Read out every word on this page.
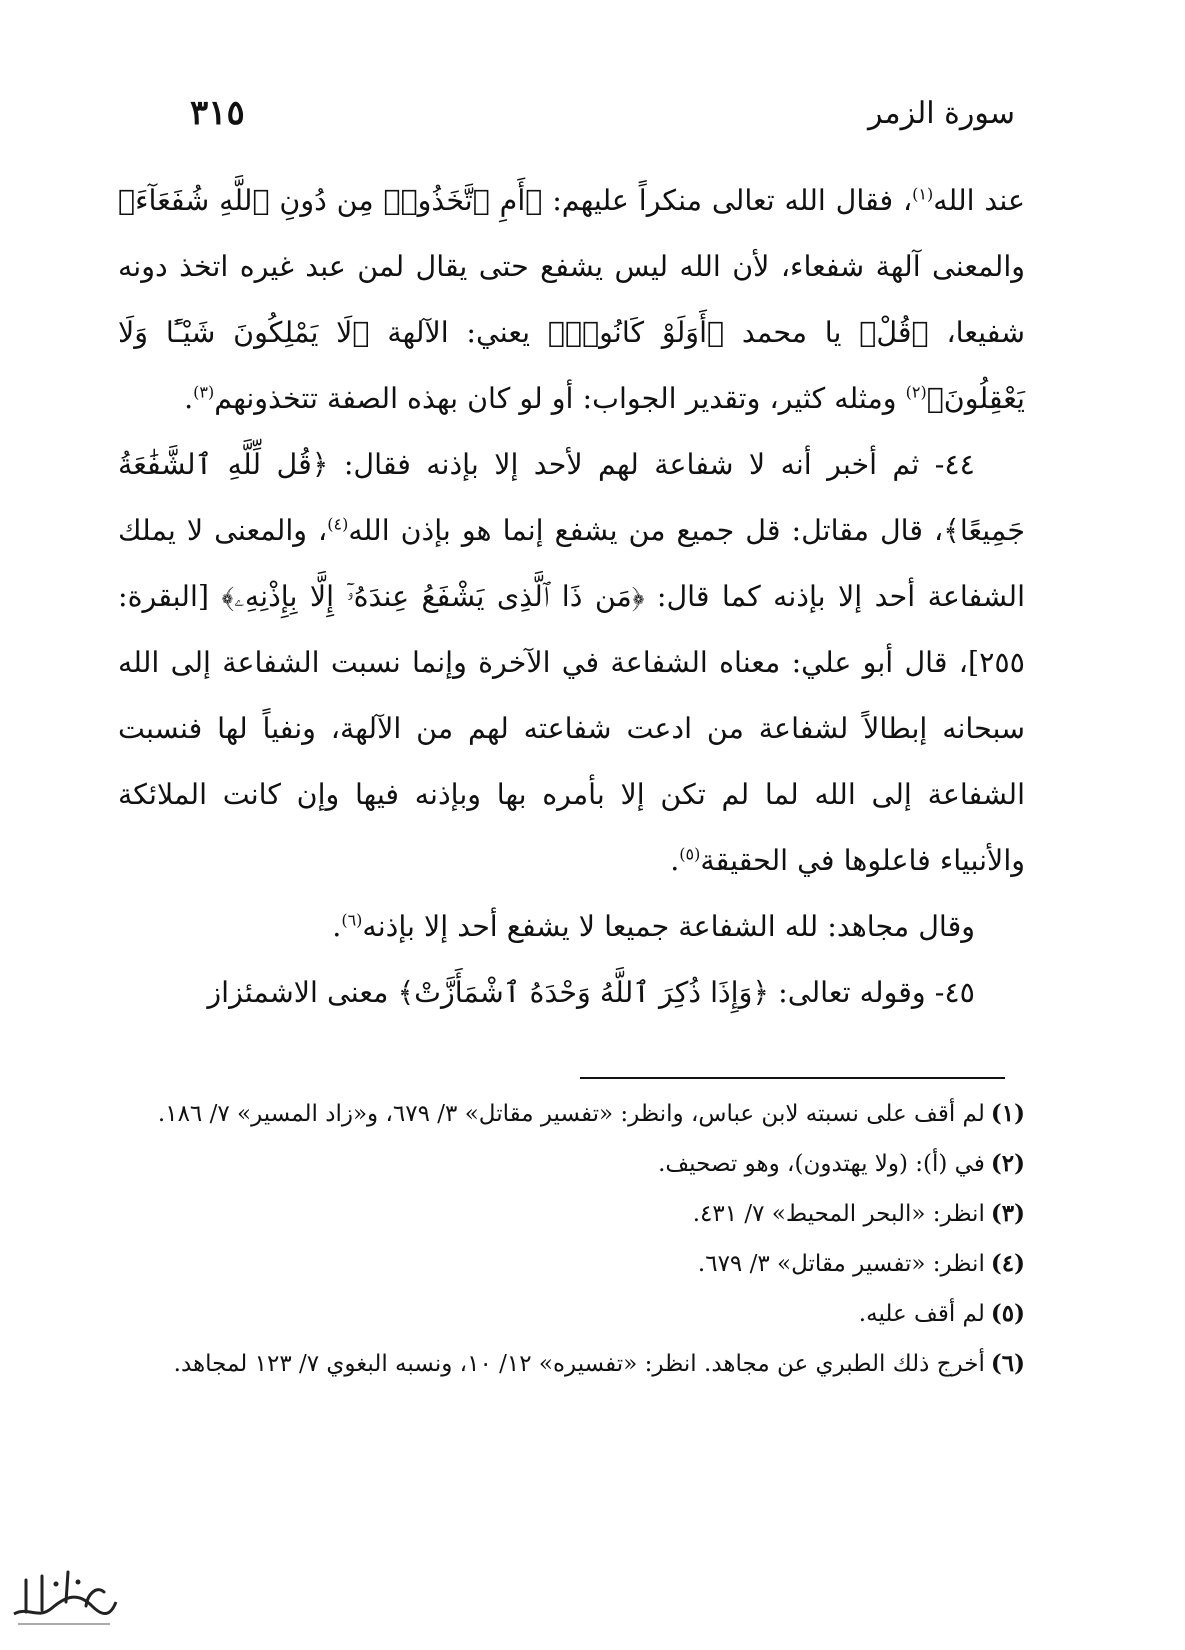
سورة الزمر
٣١٥

عند الله$^{(١)}$، فقال الله تعالى منكراً عليهم: ﴿أَمِ ٱتَّخَذُوا۟ مِن دُونِ ٱللَّهِ شُفَعَآءَ﴾ والمعنى آلهة شفعاء، لأن الله ليس يشفع حتى يقال لمن عبد غيره اتخذ دونه شفيعا، ﴿قُلْ﴾ يا محمد ﴿أَوَلَوْ كَانُوا۟﴾ يعني: الآلهة ﴿لَا يَمْلِكُونَ شَيْـًٔا وَلَا يَعْقِلُونَ﴾$^{(٢)}$ ومثله كثير، وتقدير الجواب: أو لو كان بهذه الصفة تتخذونهم$^{(٣)}$.

٤٤- ثم أخبر أنه لا شفاعة لهم لأحد إلا بإذنه فقال: ﴿قُل لِّلَّهِ ٱلشَّفَٰعَةُ جَمِيعًا﴾، قال مقاتل: قل جميع من يشفع إنما هو بإذن الله$^{(٤)}$، والمعنى لا يملك الشفاعة أحد إلا بإذنه كما قال: ﴿مَن ذَا ٱلَّذِى يَشْفَعُ عِندَهُۥٓ إِلَّا بِإِذْنِهِۦ﴾ [البقرة: ٢٥٥]، قال أبو علي: معناه الشفاعة في الآخرة وإنما نسبت الشفاعة إلى الله سبحانه إبطالاً لشفاعة من ادعت شفاعته لهم من الآلهة، ونفياً لها فنسبت الشفاعة إلى الله لما لم تكن إلا بأمره بها وبإذنه فيها وإن كانت الملائكة والأنبياء فاعلوها في الحقيقة$^{(٥)}$.

وقال مجاهد: لله الشفاعة جميعا لا يشفع أحد إلا بإذنه$^{(٦)}$.

٤٥- وقوله تعالى: ﴿وَإِذَا ذُكِرَ ٱللَّهُ وَحْدَهُ ٱشْمَأَزَّتْ﴾ معنى الاشمئزاز

(١)لم أقف على نسبته لابن عباس، وانظر: «تفسير مقاتل» ٣/ ٦٧٩، و«زاد المسير» ٧/ ١٨٦.

(٢)في (أ): (ولا يهتدون)، وهو تصحيف.

(٣)انظر: «البحر المحيط» ٧/ ٤٣١.

(٤)انظر: «تفسير مقاتل» ٣/ ٦٧٩.

(٥)لم أقف عليه.

(٦)أخرج ذلك الطبري عن مجاهد. انظر: «تفسيره» ١٢/ ١٠، ونسبه البغوي ٧/ ١٢٣ لمجاهد.
